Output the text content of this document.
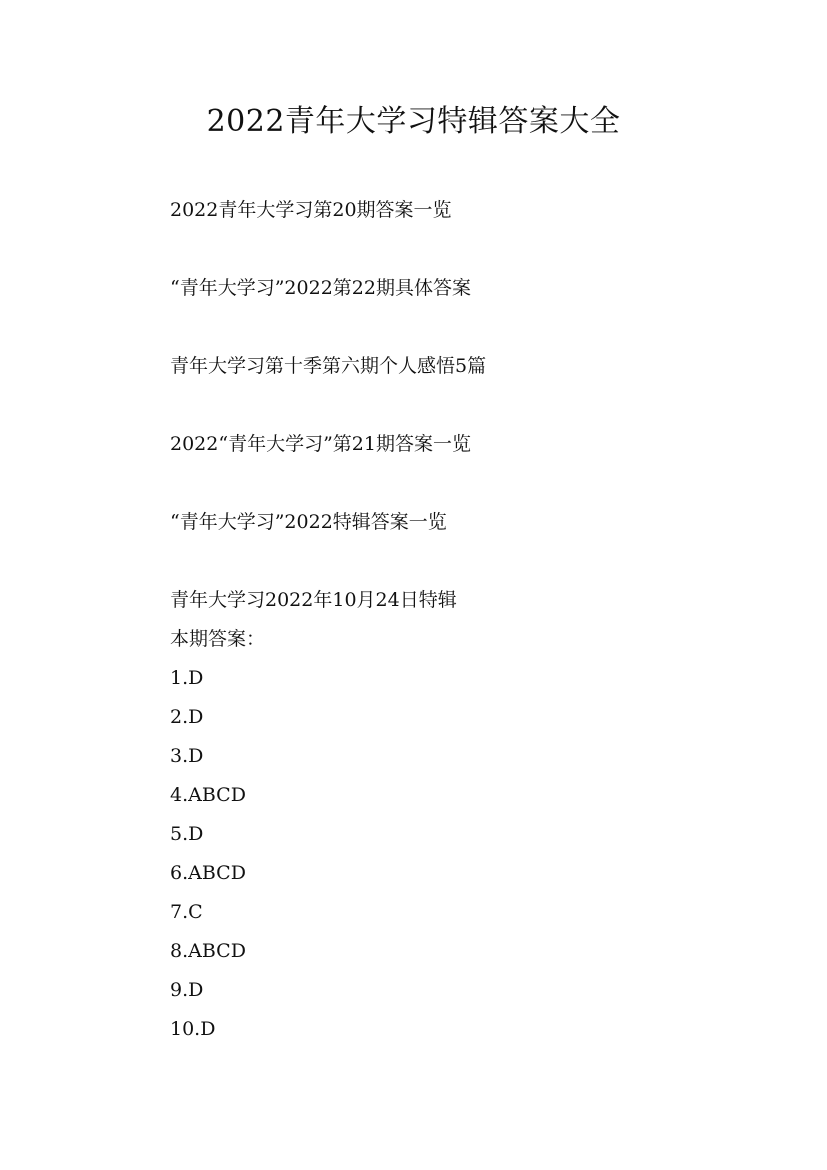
2022青年大学习特辑答案大全
2022青年大学习第20期答案一览
“青年大学习”2022第22期具体答案
青年大学习第十季第六期个人感悟5篇
2022“青年大学习”第21期答案一览
“青年大学习”2022特辑答案一览
青年大学习2022年10月24日特辑
本期答案：
1.D
2.D
3.D
4.ABCD
5.D
6.ABCD
7.C
8.ABCD
9.D
10.D
